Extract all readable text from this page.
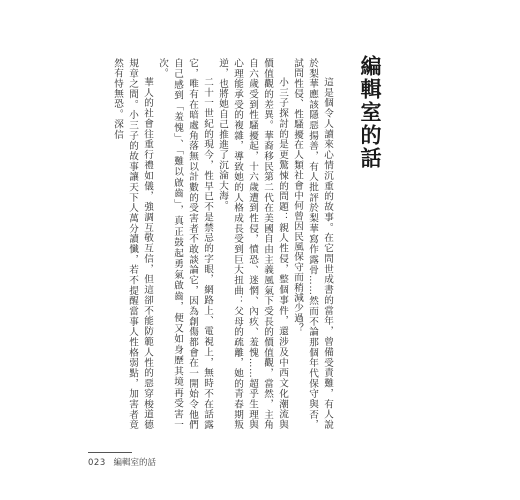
編輯室的話

這是個令人讀來心情沉重的故事。在它問世成書的當年，曾備受責難，有人說於梨華應該隱惡揚善，有人批評於梨華寫作露骨……然而不論那個年代保守與否，試問性侵、性騷擾在人類社會中何曾因民風保守而稍減少過？

小三子探討的是更驚悚的問題：親人性侵，整個事件，還涉及中西文化潮流與價值觀的差異。華裔移民第二代在美國自由主義風氣下受長的價值觀，當然，主角自六歲受到性騷擾起，十六歲遭到性侵，憤恐、迷惘、內疚、羞愧……超乎生理與心理能承受的複雜，導致她的人格成長受到巨大扭曲：父母的疏離，她的青春期叛逆，也將她自己推進了沉淪大海。

二十一世紀的現今，性早已不是禁忌的字眼，網路上、電視上，無時不在話露它，唯有在暗處角落無以計數的受害者不敢談論它，因為創傷都會在一開始令他們自己感到「羞愧」、「難以啟齒」，真正鼓起勇氣啟齒，便又如身歷其境再受害一次。

華人的社會往重行禮如儀，強調互敬互信，但這卻不能防範人性的惡穿梭道德規章之間。小三子的故事讓天下人萬分讀懺，若不提醒當事人性格弱點，加害者竟然有恃無恐。深信

023 編輯室的話
